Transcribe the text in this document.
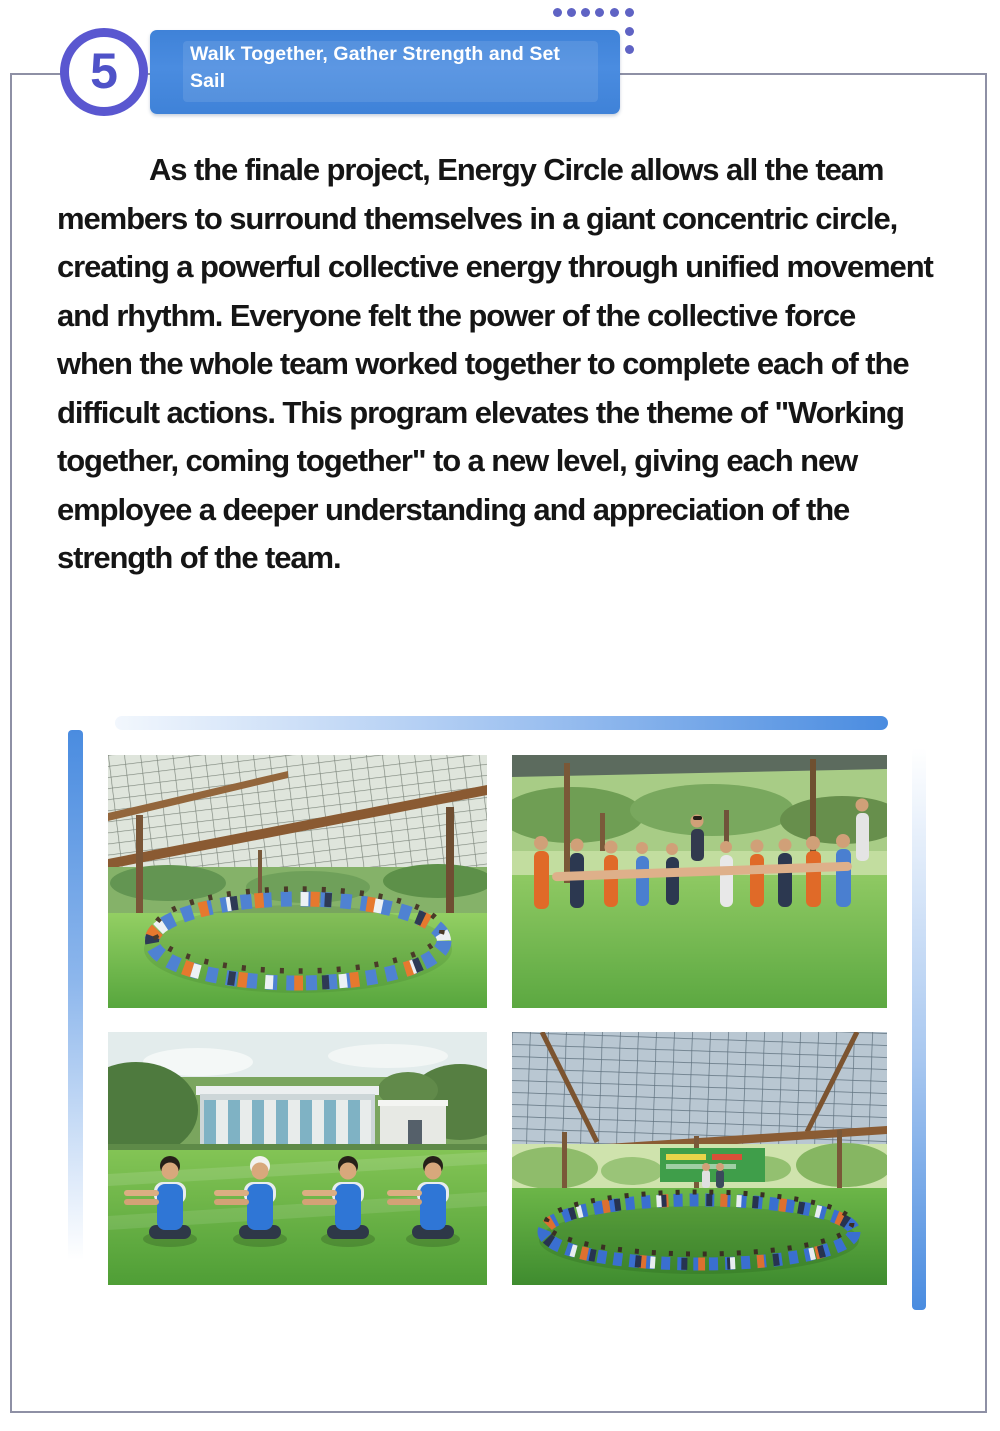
5	Walk Together, Gather Strength and Set Sail
As the finale project, Energy Circle allows all the team members to surround themselves in a giant concentric circle, creating a powerful collective energy through unified movement and rhythm. Everyone felt the power of the collective force when the whole team worked together to complete each of the difficult actions. This program elevates the theme of "Working together, coming together" to a new level, giving each new employee a deeper understanding and appreciation of the strength of the team.
